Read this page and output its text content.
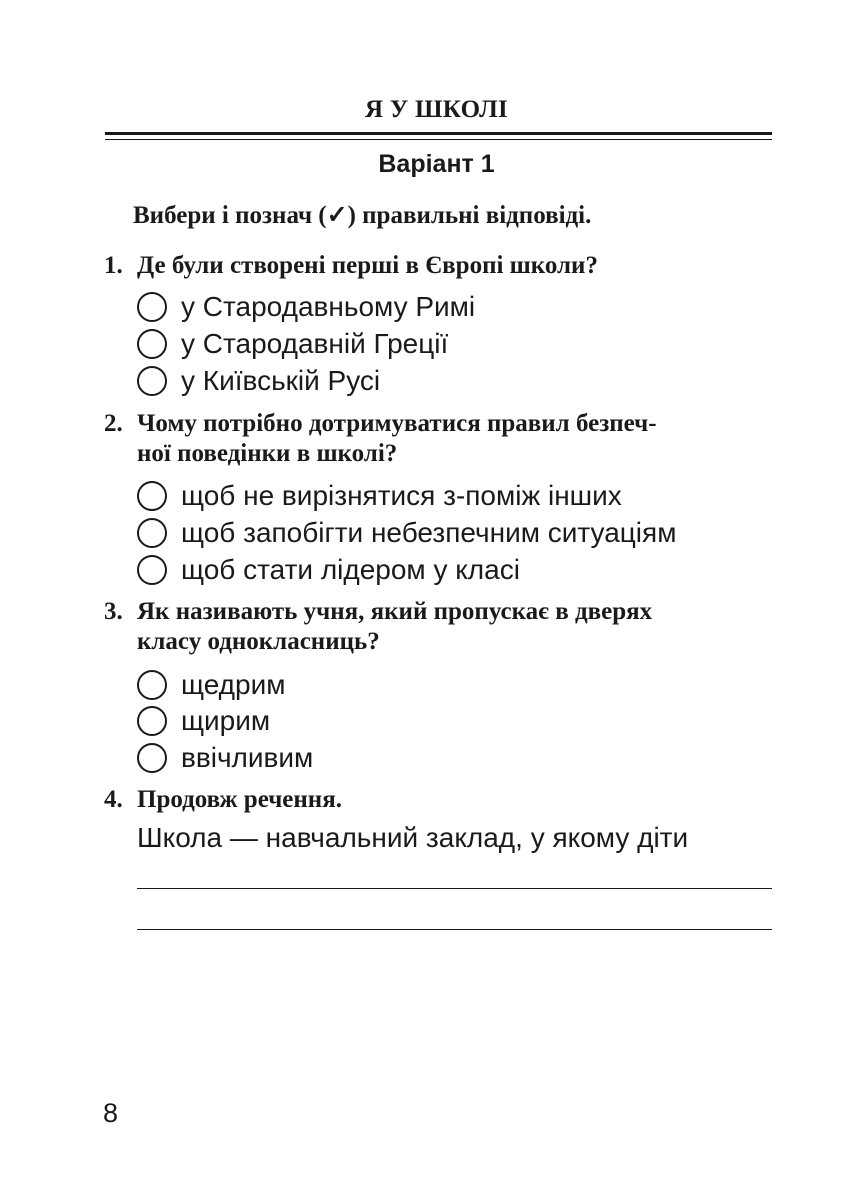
Я У ШКОЛІ
Варіант 1
Вибери і познач (✓) правильні відповіді.
1. Де були створені перші в Європі школи?
у Стародавньому Римі
у Стародавній Греції
у Київській Русі
2. Чому потрібно дотримуватися правил безпеч-
ної поведінки в школі?
щоб не вирізнятися з-поміж інших
щоб запобігти небезпечним ситуаціям
щоб стати лідером у класі
3. Як називають учня, який пропускає в дверях
класу однокласниць?
щедрим
щирим
ввічливим
4. Продовж речення.
Школа — навчальний заклад, у якому діти
8
